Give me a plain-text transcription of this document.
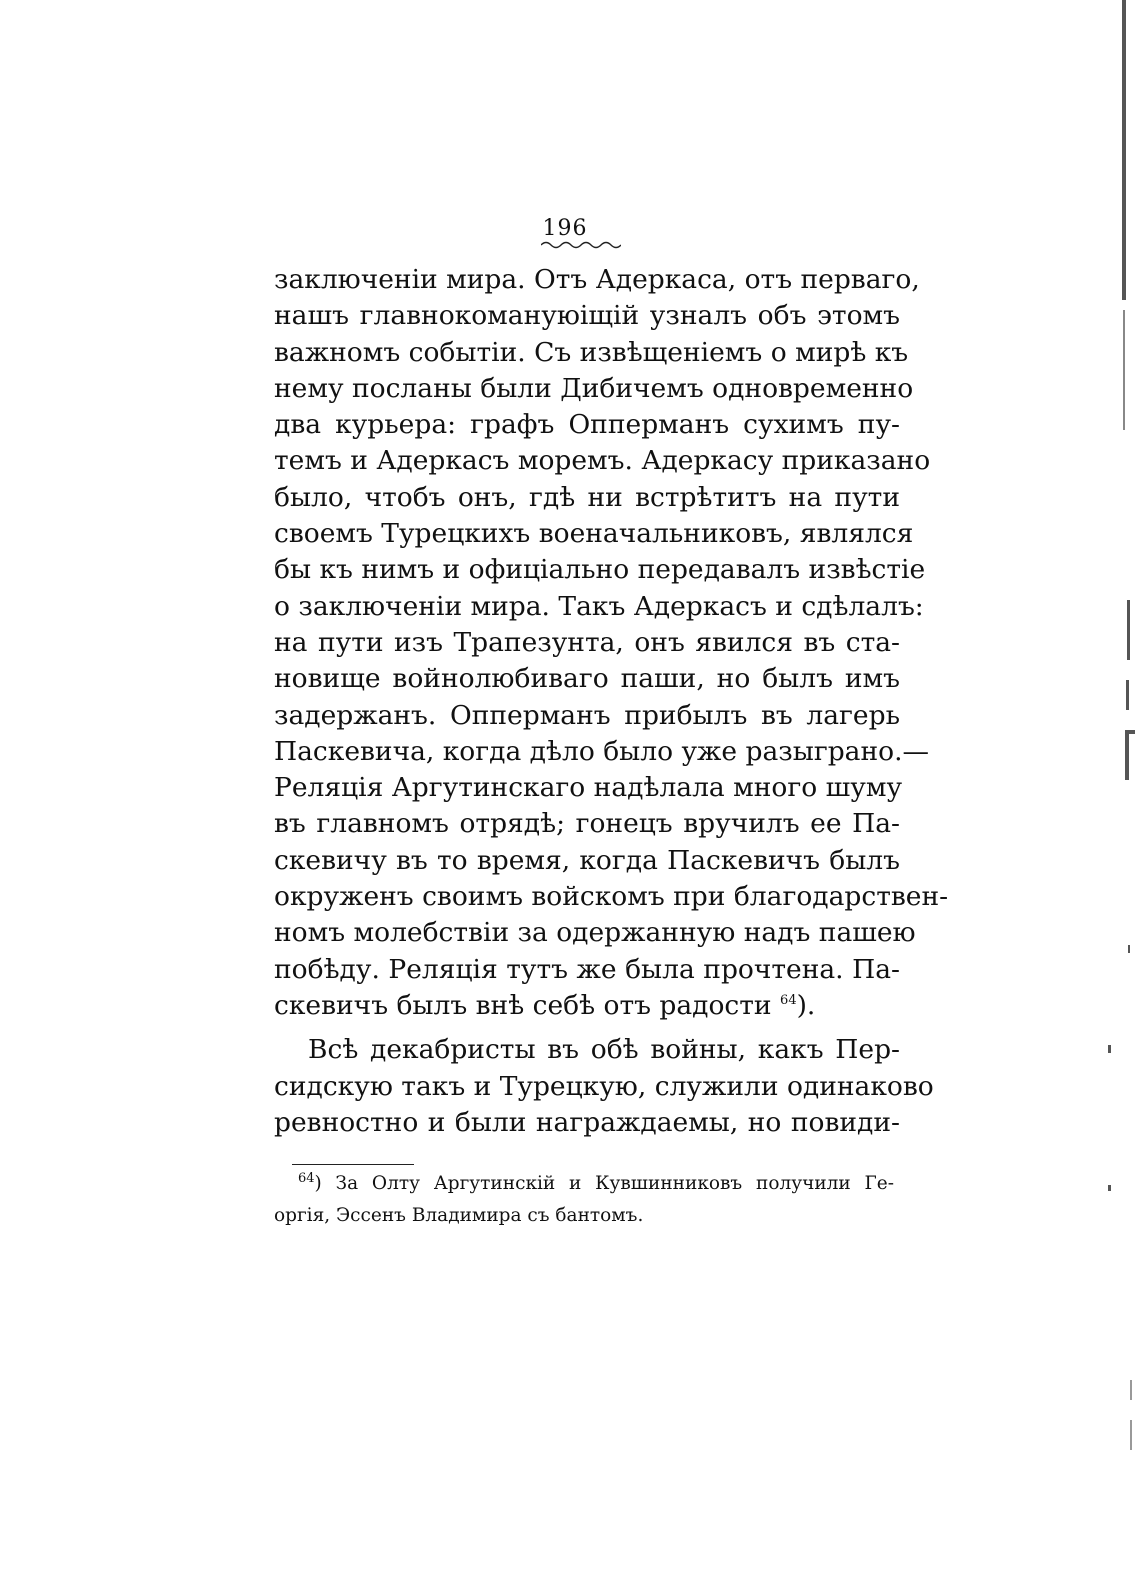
196
заключеніи мира. Отъ Адеркаса, отъ перваго,
нашъ главнокомануюіщій узналъ объ этомъ
важномъ событіи. Съ извѣщеніемъ о мирѣ къ
нему посланы были Дибичемъ одновременно
два курьера: графъ Опперманъ сухимъ пу-
темъ и Адеркасъ моремъ. Адеркасу приказано
было, чтобъ онъ, гдѣ ни встрѣтитъ на пути
своемъ Турецкихъ военачальниковъ, являлся
бы къ нимъ и офиціально передавалъ извѣстіе
о заключеніи мира. Такъ Адеркасъ и сдѣлалъ:
на пути изъ Трапезунта, онъ явился въ ста-
новище войнолюбиваго паши, но былъ имъ
задержанъ. Опперманъ прибылъ въ лагерь
Паскевича, когда дѣло было уже разыграно.—
Реляція Аргутинскаго надѣлала много шуму
въ главномъ отрядѣ; гонецъ вручилъ ее Па-
скевичу въ то время, когда Паскевичъ былъ
окруженъ своимъ войскомъ при благодарствен-
номъ молебствіи за одержанную надъ пашею
побѣду. Реляція тутъ же была прочтена. Па-
скевичъ былъ внѣ себѣ отъ радости $^{64}$).
Всѣ декабристы въ обѣ войны, какъ Пер-
сидскую такъ и Турецкую, служили одинаково
ревностно и были награждаемы, но повиди-
$^{64}$) За Олту Аргутинскій и Кувшинниковъ получили Ге-
оргія, Эссенъ Владимира съ бантомъ.
